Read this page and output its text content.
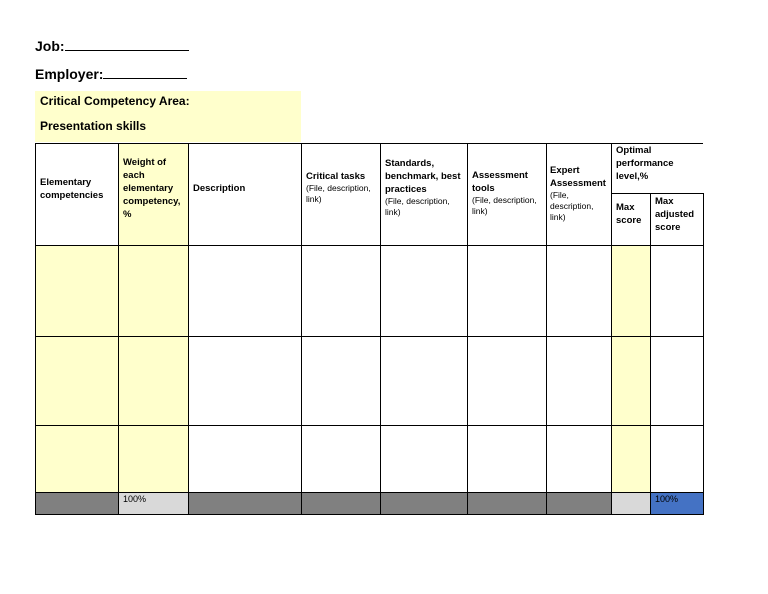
Job:
Employer:
Critical Competency Area:
Presentation skills
Elementary competencies
Weight of each elementary competency, %
Description
Critical tasks
(File, description, link)
Standards, benchmark, best practices
(File, description, link)
Assessment tools
(File, description, link)
Expert Assessment
(File, description, link)
Optimal performance level,%
Max score
Max adjusted score
100%	100%
